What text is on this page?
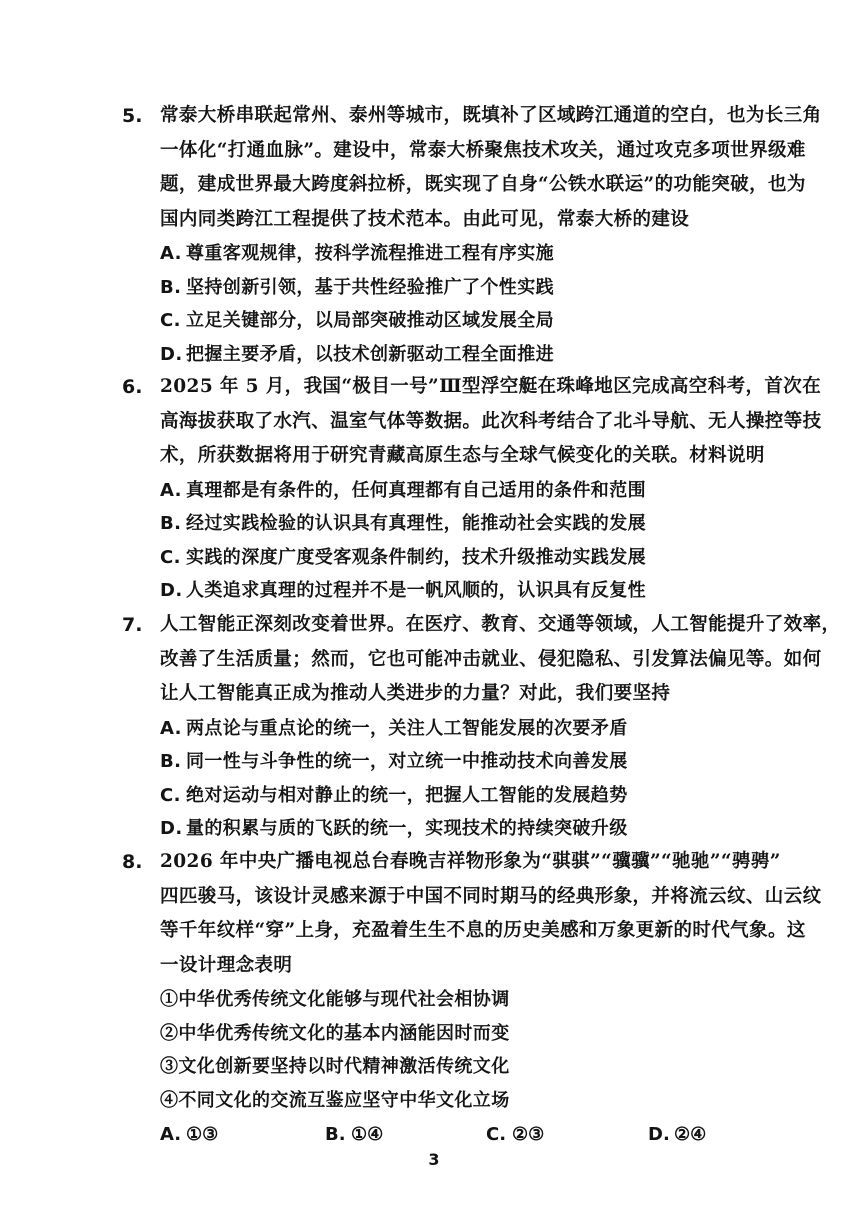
5. 常泰大桥串联起常州、泰州等城市，既填补了区域跨江通道的空白，也为长三角
一体化“打通血脉”。建设中，常泰大桥聚焦技术攻关，通过攻克多项世界级难
题，建成世界最大跨度斜拉桥，既实现了自身“公铁水联运”的功能突破，也为
国内同类跨江工程提供了技术范本。由此可见，常泰大桥的建设
A. 尊重客观规律，按科学流程推进工程有序实施
B. 坚持创新引领，基于共性经验推广了个性实践
C. 立足关键部分，以局部突破推动区域发展全局
D. 把握主要矛盾，以技术创新驱动工程全面推进
6. 2025 年 5 月，我国“极目一号”Ⅲ型浮空艇在珠峰地区完成高空科考，首次在
高海拔获取了水汽、温室气体等数据。此次科考结合了北斗导航、无人操控等技
术，所获数据将用于研究青藏高原生态与全球气候变化的关联。材料说明
A. 真理都是有条件的，任何真理都有自己适用的条件和范围
B. 经过实践检验的认识具有真理性，能推动社会实践的发展
C. 实践的深度广度受客观条件制约，技术升级推动实践发展
D. 人类追求真理的过程并不是一帆风顺的，认识具有反复性
7. 人工智能正深刻改变着世界。在医疗、教育、交通等领域，人工智能提升了效率，
改善了生活质量；然而，它也可能冲击就业、侵犯隐私、引发算法偏见等。如何
让人工智能真正成为推动人类进步的力量？对此，我们要坚持
A. 两点论与重点论的统一，关注人工智能发展的次要矛盾
B. 同一性与斗争性的统一，对立统一中推动技术向善发展
C. 绝对运动与相对静止的统一，把握人工智能的发展趋势
D. 量的积累与质的飞跃的统一，实现技术的持续突破升级
8. 2026 年中央广播电视总台春晚吉祥物形象为“骐骐”“骥骥”“驰驰”“骋骋”
四匹骏马，该设计灵感来源于中国不同时期马的经典形象，并将流云纹、山云纹
等千年纹样“穿”上身，充盈着生生不息的历史美感和万象更新的时代气象。这
一设计理念表明
①中华优秀传统文化能够与现代社会相协调
②中华优秀传统文化的基本内涵能因时而变
③文化创新要坚持以时代精神激活传统文化
④不同文化的交流互鉴应坚守中华文化立场
A. ①③	B. ①④	C. ②③	D. ②④
3
